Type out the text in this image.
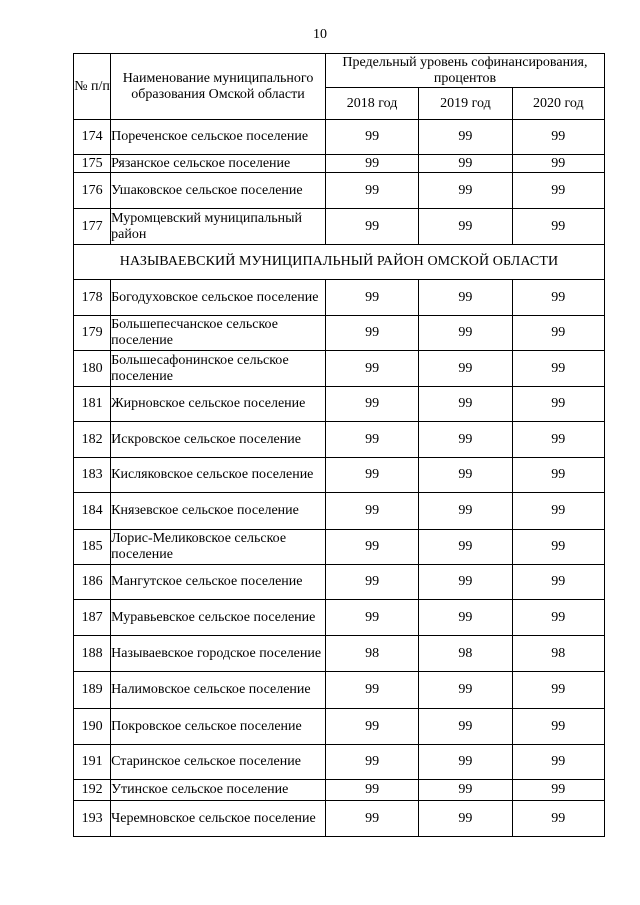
10
№ п/п	Наименование муниципального образования Омской области	Предельный уровень софинансирования, процентов		
		2018 год	2019 год	2020 год
174	Пореченское сельское поселение	99	99	99
175	Рязанское сельское поселение	99	99	99
176	Ушаковское сельское поселение	99	99	99
177	Муромцевский муниципальный район	99	99	99
НАЗЫВАЕВСКИЙ МУНИЦИПАЛЬНЫЙ РАЙОН ОМСКОЙ ОБЛАСТИ				
178	Богодуховское сельское поселение	99	99	99
179	Большепесчанское сельское поселение	99	99	99
180	Большесафонинское сельское поселение	99	99	99
181	Жирновское сельское поселение	99	99	99
182	Искровское сельское поселение	99	99	99
183	Кисляковское сельское поселение	99	99	99
184	Князевское сельское поселение	99	99	99
185	Лорис-Меликовское сельское поселение	99	99	99
186	Мангутское сельское поселение	99	99	99
187	Муравьевское сельское поселение	99	99	99
188	Называевское городское поселение	98	98	98
189	Налимовское сельское поселение	99	99	99
190	Покровское сельское поселение	99	99	99
191	Старинское сельское поселение	99	99	99
192	Утинское сельское поселение	99	99	99
193	Черемновское сельское поселение	99	99	99
